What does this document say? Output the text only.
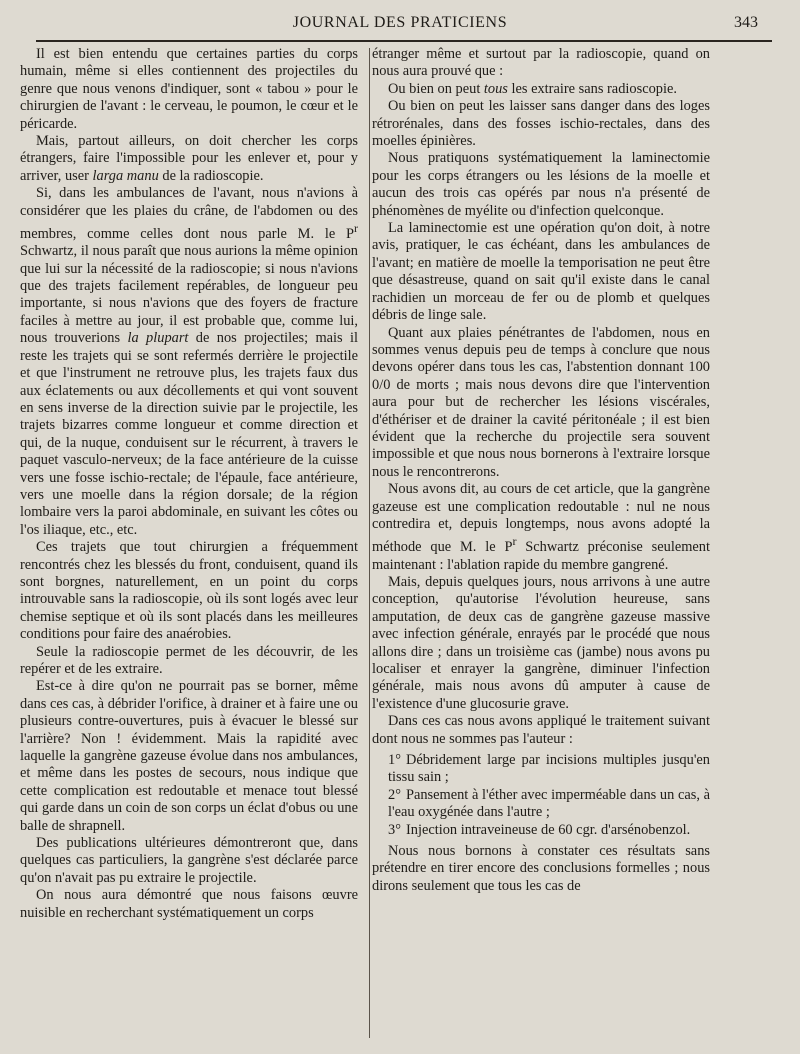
JOURNAL DES PRATICIENS	343

Il est bien entendu que certaines parties du corps humain, même si elles contiennent des projectiles du genre que nous venons d'indiquer, sont « tabou » pour le chirurgien de l'avant : le cerveau, le poumon, le cœur et le péricarde.

Mais, partout ailleurs, on doit chercher les corps étrangers, faire l'impossible pour les enlever et, pour y arriver, user larga manu de la radioscopie.

Si, dans les ambulances de l'avant, nous n'avions à considérer que les plaies du crâne, de l'abdomen ou des membres, comme celles dont nous parle M. le $P^r$ Schwartz, il nous paraît que nous aurions la même opinion que lui sur la nécessité de la radioscopie; si nous n'avions que des trajets facilement repérables, de longueur peu importante, si nous n'avions que des foyers de fracture faciles à mettre au jour, il est probable que, comme lui, nous trouverions la plupart de nos projectiles; mais il reste les trajets qui se sont refermés derrière le projectile et que l'instrument ne retrouve plus, les trajets faux dus aux éclatements ou aux décollements et qui vont souvent en sens inverse de la direction suivie par le projectile, les trajets bizarres comme longueur et comme direction et qui, de la nuque, conduisent sur le récurrent, à travers le paquet vasculo-nerveux; de la face antérieure de la cuisse vers une fosse ischio-rectale; de l'épaule, face antérieure, vers une moelle dans la région dorsale; de la région lombaire vers la paroi abdominale, en suivant les côtes ou l'os iliaque, etc., etc.

Ces trajets que tout chirurgien a fréquemment rencontrés chez les blessés du front, conduisent, quand ils sont borgnes, naturellement, en un point du corps introuvable sans la radioscopie, où ils sont logés avec leur chemise septique et où ils sont placés dans les meilleures conditions pour faire des anaérobies.

Seule la radioscopie permet de les découvrir, de les repérer et de les extraire.

Est-ce à dire qu'on ne pourrait pas se borner, même dans ces cas, à débrider l'orifice, à drainer et à faire une ou plusieurs contre-ouvertures, puis à évacuer le blessé sur l'arrière? Non ! évidemment. Mais la rapidité avec laquelle la gangrène gazeuse évolue dans nos ambulances, et même dans les postes de secours, nous indique que cette complication est redoutable et menace tout blessé qui garde dans un coin de son corps un éclat d'obus ou une balle de shrapnell.

Des publications ultérieures démontreront que, dans quelques cas particuliers, la gangrène s'est déclarée parce qu'on n'avait pas pu extraire le projectile.

On nous aura démontré que nous faisons œuvre nuisible en recherchant systématiquement un corps

étranger même et surtout par la radioscopie, quand on nous aura prouvé que :

Ou bien on peut tous les extraire sans radioscopie.

Ou bien on peut les laisser sans danger dans des loges rétrorénales, dans des fosses ischio-rectales, dans des moelles épinières.

Nous pratiquons systématiquement la laminectomie pour les corps étrangers ou les lésions de la moelle et aucun des trois cas opérés par nous n'a présenté de phénomènes de myélite ou d'infection quelconque.

La laminectomie est une opération qu'on doit, à notre avis, pratiquer, le cas échéant, dans les ambulances de l'avant; en matière de moelle la temporisation ne peut être que désastreuse, quand on sait qu'il existe dans le canal rachidien un morceau de fer ou de plomb et quelques débris de linge sale.

Quant aux plaies pénétrantes de l'abdomen, nous en sommes venus depuis peu de temps à conclure que nous devons opérer dans tous les cas, l'abstention donnant 100 0/0 de morts ; mais nous devons dire que l'intervention aura pour but de rechercher les lésions viscérales, d'éthériser et de drainer la cavité péritonéale ; il est bien évident que la recherche du projectile sera souvent impossible et que nous nous bornerons à l'extraire lorsque nous le rencontrerons.

Nous avons dit, au cours de cet article, que la gangrène gazeuse est une complication redoutable : nul ne nous contredira et, depuis longtemps, nous avons adopté la méthode que M. le $P^r$ Schwartz préconise seulement maintenant : l'ablation rapide du membre gangrené.

Mais, depuis quelques jours, nous arrivons à une autre conception, qu'autorise l'évolution heureuse, sans amputation, de deux cas de gangrène gazeuse massive avec infection générale, enrayés par le procédé que nous allons dire ; dans un troisième cas (jambe) nous avons pu localiser et enrayer la gangrène, diminuer l'infection générale, mais nous avons dû amputer à cause de l'existence d'une glucosurie grave.

Dans ces cas nous avons appliqué le traitement suivant dont nous ne sommes pas l'auteur :

1° Débridement large par incisions multiples jusqu'en tissu sain ;

2° Pansement à l'éther avec imperméable dans un cas, à l'eau oxygénée dans l'autre ;

3° Injection intraveineuse de 60 cgr. d'arsénobenzol.

Nous nous bornons à constater ces résultats sans prétendre en tirer encore des conclusions formelles ; nous dirons seulement que tous les cas de
